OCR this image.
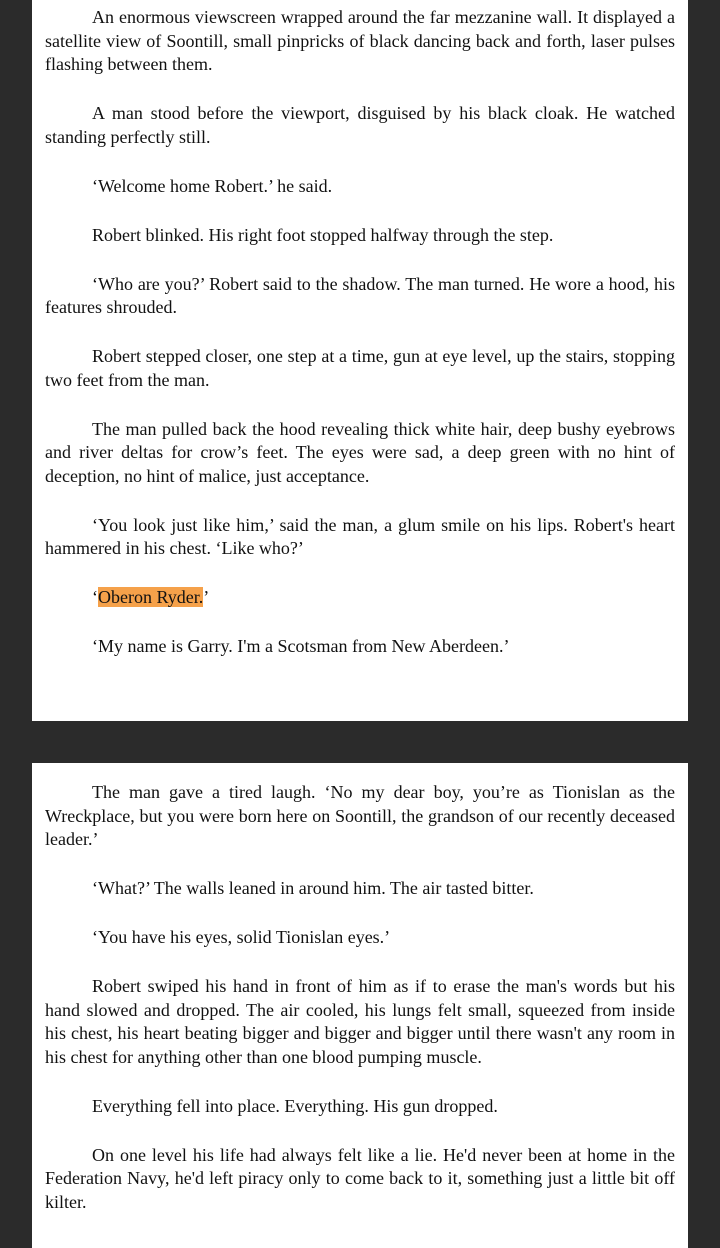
An enormous viewscreen wrapped around the far mezzanine wall. It displayed a satellite view of Soontill, small pinpricks of black dancing back and forth, laser pulses flashing between them.

A man stood before the viewport, disguised by his black cloak. He watched standing perfectly still.

‘Welcome home Robert.’ he said.

Robert blinked. His right foot stopped halfway through the step.

‘Who are you?’ Robert said to the shadow. The man turned. He wore a hood, his features shrouded.

Robert stepped closer, one step at a time, gun at eye level, up the stairs, stopping two feet from the man.

The man pulled back the hood revealing thick white hair, deep bushy eyebrows and river deltas for crow’s feet. The eyes were sad, a deep green with no hint of deception, no hint of malice, just acceptance.

‘You look just like him,’ said the man, a glum smile on his lips. Robert's heart hammered in his chest. ‘Like who?’

‘Oberon Ryder.’

‘My name is Garry. I'm a Scotsman from New Aberdeen.’

The man gave a tired laugh. ‘No my dear boy, you’re as Tionislan as the Wreckplace, but you were born here on Soontill, the grandson of our recently deceased leader.’

‘What?’ The walls leaned in around him. The air tasted bitter.

‘You have his eyes, solid Tionislan eyes.’

Robert swiped his hand in front of him as if to erase the man's words but his hand slowed and dropped. The air cooled, his lungs felt small, squeezed from inside his chest, his heart beating bigger and bigger and bigger until there wasn't any room in his chest for anything other than one blood pumping muscle.

Everything fell into place. Everything. His gun dropped.

On one level his life had always felt like a lie. He'd never been at home in the Federation Navy, he'd left piracy only to come back to it, something just a little bit off kilter.
